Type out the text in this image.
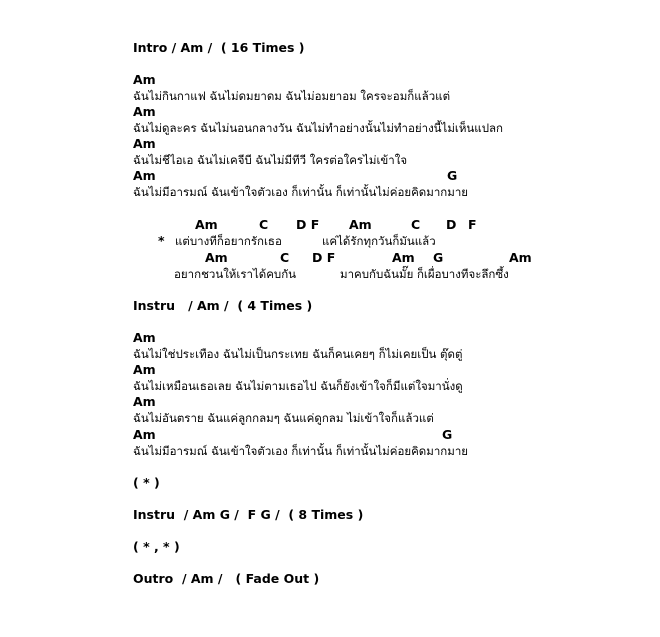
Intro / Am /  ( 16 Times )
Am
ฉันไม่กินกาแฟ ฉันไม่ดมยาดม ฉันไม่อมยาอม ใครจะอมก็แล้วแต่
Am
ฉันไม่ดูละคร ฉันไม่นอนกลางวัน ฉันไม่ทำอย่างนั้นไม่ทำอย่างนี้ไม่เห็นแปลก
Am
ฉันไม่ชีไอเอ ฉันไม่เคจีบี ฉันไม่มีทีวี ใครต่อใครไม่เข้าใจ
Am	G
ฉันไม่มีอารมณ์ ฉันเข้าใจตัวเอง ก็เท่านั้น ก็เท่านั้นไม่ค่อยคิดมากมาย
Am	C D F Am	C D F
* แต่บางทีก็อยากรักเธอ	แค่ได้รักทุกวันก็มันแล้ว
Am	C D F	Am G	Am
อยากชวนให้เราได้คบกัน	มาคบกับฉันมั๊ย ก็เผื่อบางทีจะลึกซึ้ง
Instru   / Am /  ( 4 Times )
Am
ฉันไม่ใช่ประเทือง ฉันไม่เป็นกระเทย ฉันก็คนเคยๆ ก็ไม่เคยเป็น ตุ๊ดตู่
Am
ฉันไม่เหมือนเธอเลย ฉันไม่ตามเธอไป ฉันก็ยังเข้าใจก็มีแต่ใจมานั่งดู
Am
ฉันไม่อันตราย ฉันแค่ลูกกลมๆ ฉันแค่ดูกลม ไม่เข้าใจก็แล้วแต่
Am	G
ฉันไม่มีอารมณ์ ฉันเข้าใจตัวเอง ก็เท่านั้น ก็เท่านั้นไม่ค่อยคิดมากมาย
( * )
Instru  / Am G /  F G /  ( 8 Times )
( * , * )
Outro  / Am /   ( Fade Out )
